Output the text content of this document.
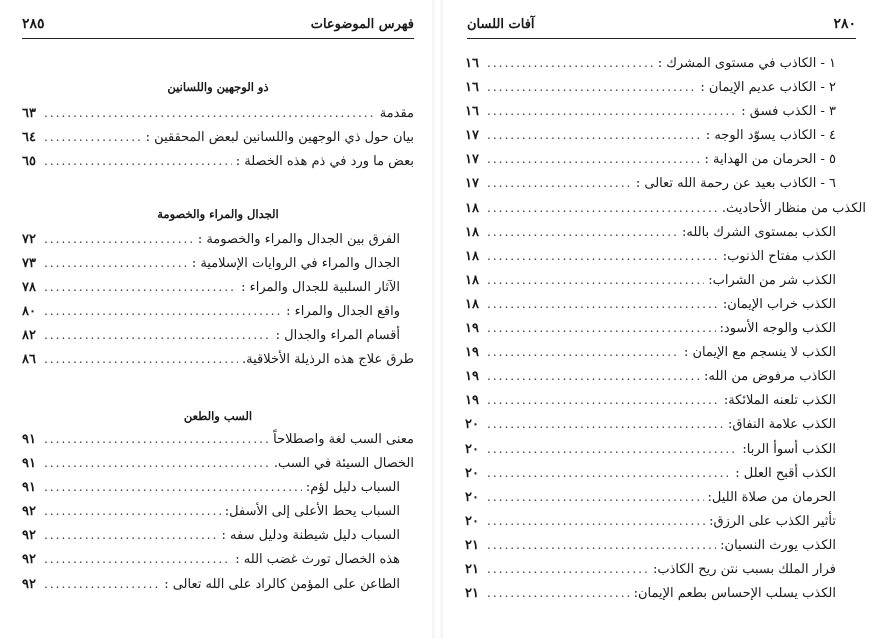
فهرس الموضوعات
٢٨٥
ذو الوجهين واللسانين
مقدمة
.....
٦٣
بيان حول ذي الوجهين واللسانين لبعض المحققين :
.....
٦٤
بعض ما ورد في ذم هذه الخصلة :
.....
٦٥
الجدال والمراء والخصومة
الفرق بين الجدال والمراء والخصومة :
.....
٧٢
الجدال والمراء في الروايات الإسلامية :
.....
٧٣
الآثار السلبية للجدال والمراء :
.....
٧٨
واقع الجدال والمراء :
.....
٨٠
أقسام المراء والجدال :
.....
٨٢
طرق علاج هذه الرذيلة الأخلاقية.
.....
٨٦
السب والطعن
معنى السب لغة واصطلاحاً
.....
٩١
الخصال السيئة في السب.
.....
٩١
السباب دليل لؤم:
.....
٩١
السباب يحط الأعلى إلى الأسفل:
.....
٩٢
السباب دليل شيطنة ودليل سفه :
.....
٩٢
هذه الخصال تورث غضب الله :
.....
٩٢
الطاعن على المؤمن كالراد على الله تعالى :
.....
٩٢
٢٨٠
آفات اللسان
١ - الكاذب في مستوى المشرك :
.....
١٦
٢ - الكاذب عديم الإيمان :
.....
١٦
٣ - الكذب فسق :
.....
١٦
٤ - الكاذب يسوّد الوجه :
.....
١٧
٥ - الحرمان من الهداية :
.....
١٧
٦ - الكاذب بعيد عن رحمة الله تعالى :
.....
١٧
الكذب من منظار الأحاديث.
.....
١٨
الكذب بمستوى الشرك بالله:
.....
١٨
الكذب مفتاح الذنوب:
.....
١٨
الكذب شر من الشراب:
.....
١٨
الكذب خراب الإيمان:
.....
١٨
الكذب والوجه الأسود:
.....
١٩
الكذب لا ينسجم مع الإيمان :
.....
١٩
الكاذب مرفوض من الله:
.....
١٩
الكذب تلعنه الملائكة:
.....
١٩
الكذب علامة النفاق:
.....
٢٠
الكذب أسوأ الربا:
.....
٢٠
الكذب أقبح العلل :
.....
٢٠
الحرمان من صلاة الليل:
.....
٢٠
تأثير الكذب على الرزق:
.....
٢٠
الكذب يورث النسيان:
.....
٢١
فرار الملك بسبب نتن ريح الكاذب:
.....
٢١
الكذب يسلب الإحساس بطعم الإيمان:
.....
٢١
